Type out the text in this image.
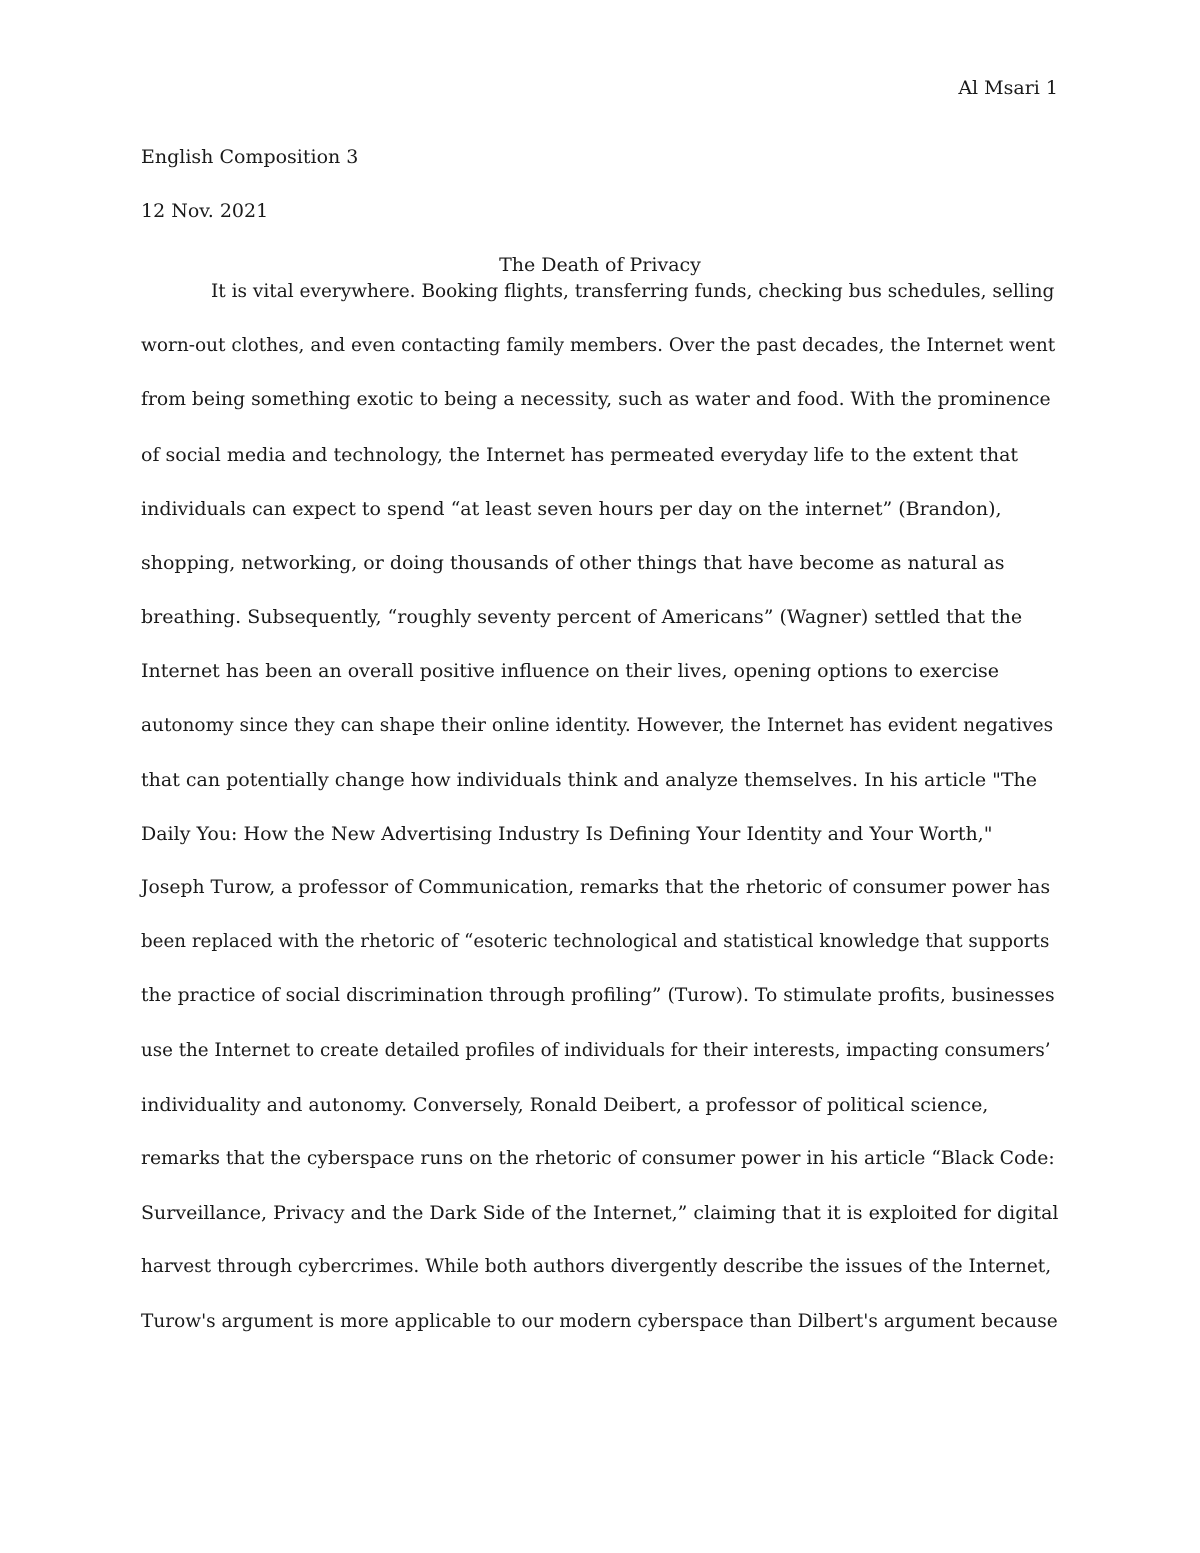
Al Msari 1
English Composition 3
12 Nov. 2021
The Death of Privacy
It is vital everywhere. Booking flights, transferring funds, checking bus schedules, selling
worn-out clothes, and even contacting family members. Over the past decades, the Internet went
from being something exotic to being a necessity, such as water and food. With the prominence
of social media and technology, the Internet has permeated everyday life to the extent that
individuals can expect to spend “at least seven hours per day on the internet” (Brandon),
shopping, networking, or doing thousands of other things that have become as natural as
breathing. Subsequently, “roughly seventy percent of Americans” (Wagner) settled that the
Internet has been an overall positive influence on their lives, opening options to exercise
autonomy since they can shape their online identity. However, the Internet has evident negatives
that can potentially change how individuals think and analyze themselves. In his article "The
Daily You: How the New Advertising Industry Is Defining Your Identity and Your Worth,"
Joseph Turow, a professor of Communication, remarks that the rhetoric of consumer power has
been replaced with the rhetoric of “esoteric technological and statistical knowledge that supports
the practice of social discrimination through profiling” (Turow). To stimulate profits, businesses
use the Internet to create detailed profiles of individuals for their interests, impacting consumers’
individuality and autonomy. Conversely, Ronald Deibert, a professor of political science,
remarks that the cyberspace runs on the rhetoric of consumer power in his article “Black Code:
Surveillance, Privacy and the Dark Side of the Internet,” claiming that it is exploited for digital
harvest through cybercrimes. While both authors divergently describe the issues of the Internet,
Turow's argument is more applicable to our modern cyberspace than Dilbert's argument because
